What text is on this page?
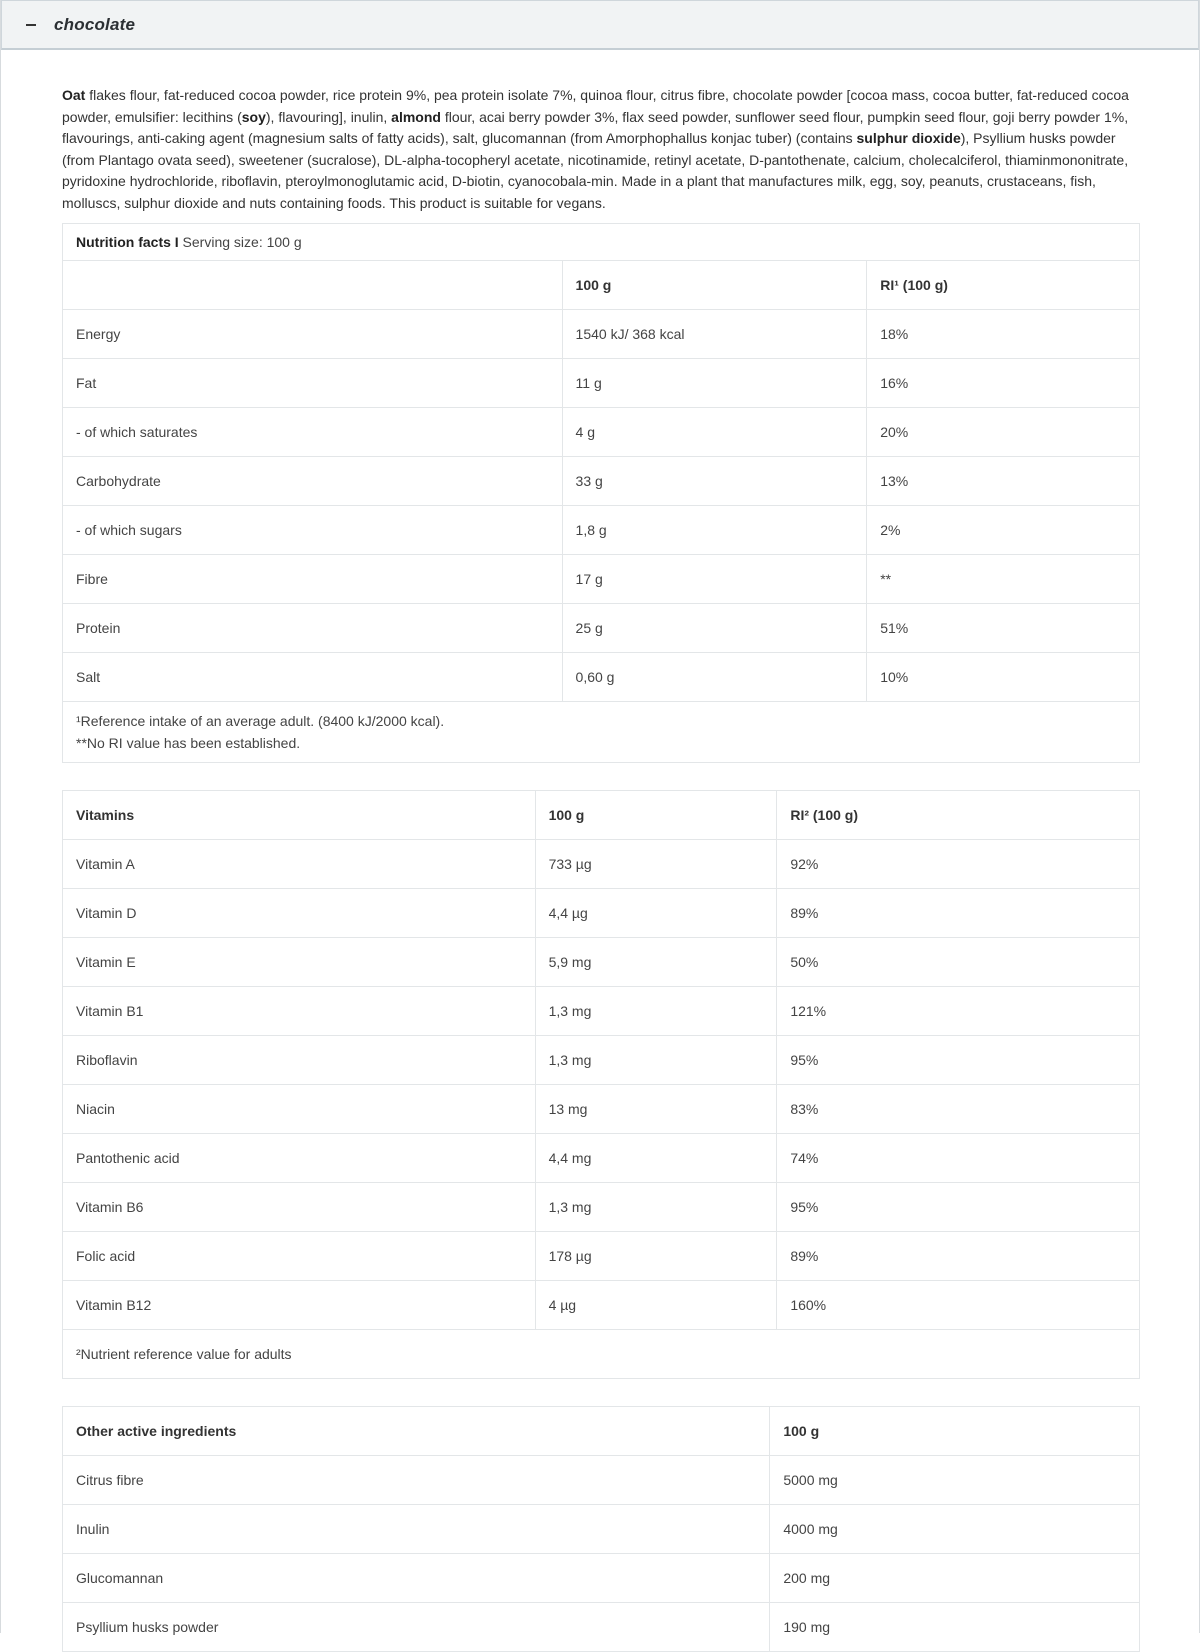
chocolate

Oat flakes flour, fat-reduced cocoa powder, rice protein 9%, pea protein isolate 7%, quinoa flour, citrus fibre, chocolate powder [cocoa mass, cocoa butter, fat-reduced cocoa powder, emulsifier: lecithins (soy), flavouring], inulin, almond flour, acai berry powder 3%, flax seed powder, sunflower seed flour, pumpkin seed flour, goji berry powder 1%, flavourings, anti-caking agent (magnesium salts of fatty acids), salt, glucomannan (from Amorphophallus konjac tuber) (contains sulphur dioxide), Psyllium husks powder (from Plantago ovata seed), sweetener (sucralose), DL-alpha-tocopheryl acetate, nicotinamide, retinyl acetate, D-pantothenate, calcium, cholecalciferol, thiaminmononitrate, pyridoxine hydrochloride, riboflavin, pteroylmonoglutamic acid, D-biotin, cyanocobala-min. Made in a plant that manufactures milk, egg, soy, peanuts, crustaceans, fish, molluscs, sulphur dioxide and nuts containing foods. This product is suitable for vegans.

Nutrition facts I Serving size: 100 g		
	100 g	RI¹ (100 g)
Energy	1540 kJ/ 368 kcal	18%
Fat	11 g	16%
- of which saturates	4 g	20%
Carbohydrate	33 g	13%
- of which sugars	1,8 g	2%
Fibre	17 g	**
Protein	25 g	51%
Salt	0,60 g	10%

¹Reference intake of an average adult. (8400 kJ/2000 kcal).
**No RI value has been established.		
Vitamins	100 g	RI² (100 g)
Vitamin A	733 µg	92%
Vitamin D	4,4 µg	89%
Vitamin E	5,9 mg	50%
Vitamin B1	1,3 mg	121%
Riboflavin	1,3 mg	95%
Niacin	13 mg	83%
Pantothenic acid	4,4 mg	74%
Vitamin B6	1,3 mg	95%
Folic acid	178 µg	89%
Vitamin B12	4 µg	160%
²Nutrient reference value for adults		
Other active ingredients	100 g
Citrus fibre	5000 mg
Inulin	4000 mg
Glucomannan	200 mg
Psyllium husks powder	190 mg
